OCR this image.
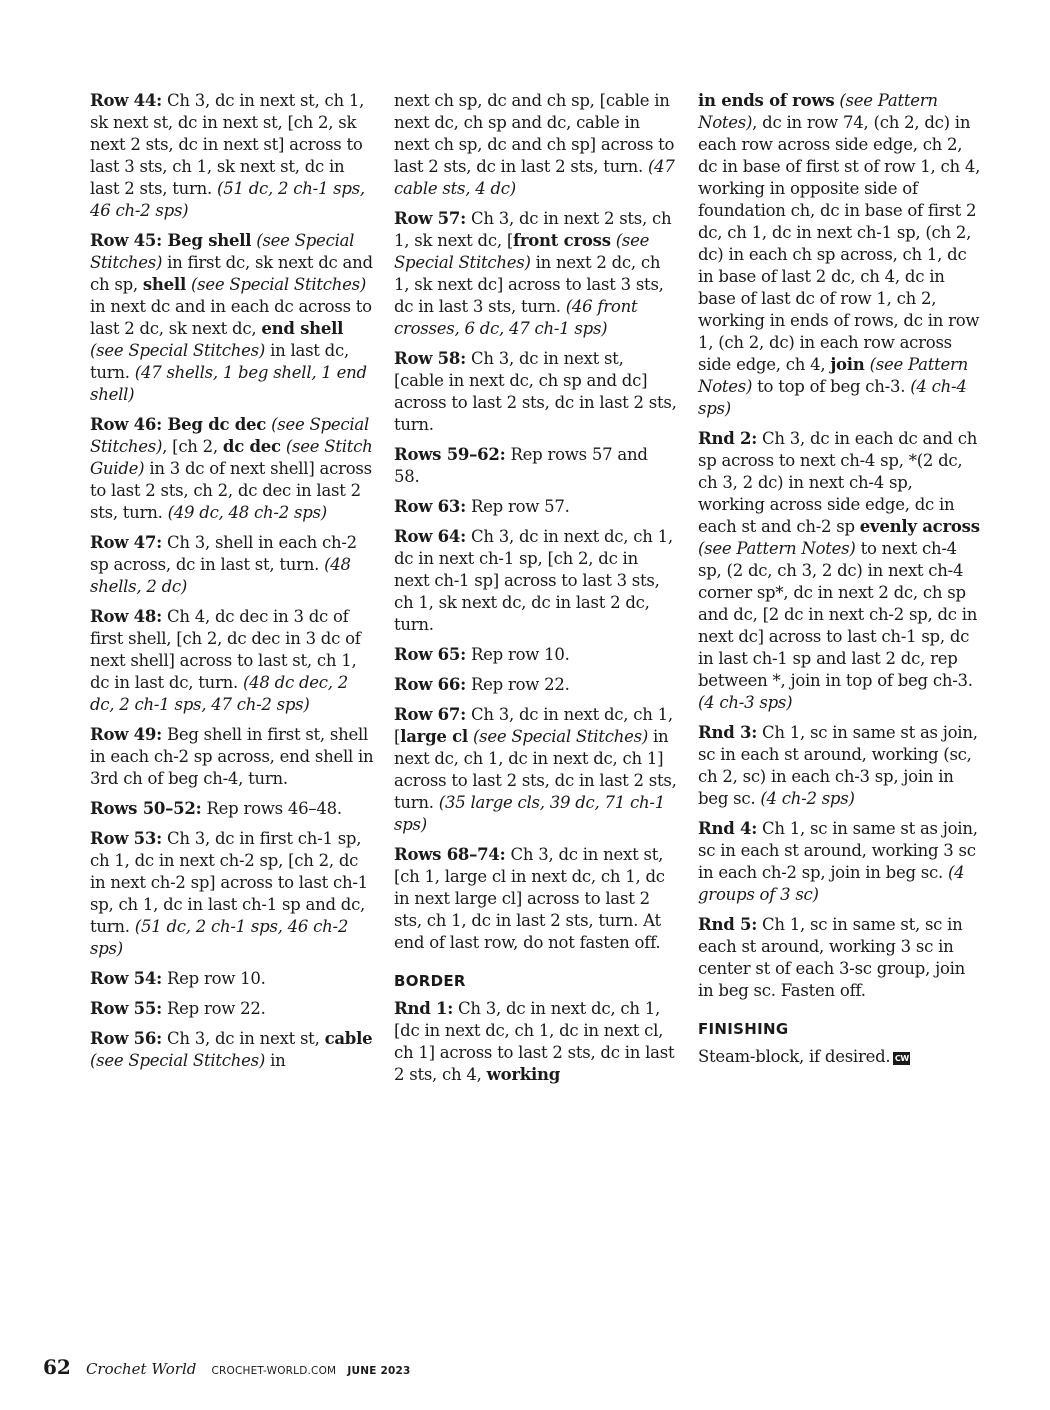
Row 44: Ch 3, dc in next st, ch 1, sk next st, dc in next st, [ch 2, sk next 2 sts, dc in next st] across to last 3 sts, ch 1, sk next st, dc in last 2 sts, turn. (51 dc, 2 ch-1 sps, 46 ch-2 sps)

Row 45: Beg shell (see Special Stitches) in first dc, sk next dc and ch sp, shell (see Special Stitches) in next dc and in each dc across to last 2 dc, sk next dc, end shell (see Special Stitches) in last dc, turn. (47 shells, 1 beg shell, 1 end shell)

Row 46: Beg dc dec (see Special Stitches), [ch 2, dc dec (see Stitch Guide) in 3 dc of next shell] across to last 2 sts, ch 2, dc dec in last 2 sts, turn. (49 dc, 48 ch-2 sps)

Row 47: Ch 3, shell in each ch-2 sp across, dc in last st, turn. (48 shells, 2 dc)

Row 48: Ch 4, dc dec in 3 dc of first shell, [ch 2, dc dec in 3 dc of next shell] across to last st, ch 1, dc in last dc, turn. (48 dc dec, 2 dc, 2 ch-1 sps, 47 ch-2 sps)

Row 49: Beg shell in first st, shell in each ch-2 sp across, end shell in 3rd ch of beg ch-4, turn.

Rows 50–52: Rep rows 46–48.

Row 53: Ch 3, dc in first ch-1 sp, ch 1, dc in next ch-2 sp, [ch 2, dc in next ch-2 sp] across to last ch-1 sp, ch 1, dc in last ch-1 sp and dc, turn. (51 dc, 2 ch-1 sps, 46 ch-2 sps)

Row 54: Rep row 10.

Row 55: Rep row 22.

Row 56: Ch 3, dc in next st, cable (see Special Stitches) in

next ch sp, dc and ch sp, [cable in next dc, ch sp and dc, cable in next ch sp, dc and ch sp] across to last 2 sts, dc in last 2 sts, turn. (47 cable sts, 4 dc)

Row 57: Ch 3, dc in next 2 sts, ch 1, sk next dc, [front cross (see Special Stitches) in next 2 dc, ch 1, sk next dc] across to last 3 sts, dc in last 3 sts, turn. (46 front crosses, 6 dc, 47 ch-1 sps)

Row 58: Ch 3, dc in next st, [cable in next dc, ch sp and dc] across to last 2 sts, dc in last 2 sts, turn.

Rows 59–62: Rep rows 57 and 58.

Row 63: Rep row 57.

Row 64: Ch 3, dc in next dc, ch 1, dc in next ch-1 sp, [ch 2, dc in next ch-1 sp] across to last 3 sts, ch 1, sk next dc, dc in last 2 dc, turn.

Row 65: Rep row 10.

Row 66: Rep row 22.

Row 67: Ch 3, dc in next dc, ch 1, [large cl (see Special Stitches) in next dc, ch 1, dc in next dc, ch 1] across to last 2 sts, dc in last 2 sts, turn. (35 large cls, 39 dc, 71 ch-1 sps)

Rows 68–74: Ch 3, dc in next st, [ch 1, large cl in next dc, ch 1, dc in next large cl] across to last 2 sts, ch 1, dc in last 2 sts, turn. At end of last row, do not fasten off.

BORDER

Rnd 1: Ch 3, dc in next dc, ch 1, [dc in next dc, ch 1, dc in next cl, ch 1] across to last 2 sts, dc in last 2 sts, ch 4, working

in ends of rows (see Pattern Notes), dc in row 74, (ch 2, dc) in each row across side edge, ch 2, dc in base of first st of row 1, ch 4, working in opposite side of foundation ch, dc in base of first 2 dc, ch 1, dc in next ch-1 sp, (ch 2, dc) in each ch sp across, ch 1, dc in base of last 2 dc, ch 4, dc in base of last dc of row 1, ch 2, working in ends of rows, dc in row 1, (ch 2, dc) in each row across side edge, ch 4, join (see Pattern Notes) to top of beg ch-3. (4 ch-4 sps)

Rnd 2: Ch 3, dc in each dc and ch sp across to next ch-4 sp, *(2 dc, ch 3, 2 dc) in next ch-4 sp, working across side edge, dc in each st and ch-2 sp evenly across (see Pattern Notes) to next ch-4 sp, (2 dc, ch 3, 2 dc) in next ch-4 corner sp*, dc in next 2 dc, ch sp and dc, [2 dc in next ch-2 sp, dc in next dc] across to last ch-1 sp, dc in last ch-1 sp and last 2 dc, rep between *, join in top of beg ch-3. (4 ch-3 sps)

Rnd 3: Ch 1, sc in same st as join, sc in each st around, working (sc, ch 2, sc) in each ch-3 sp, join in beg sc. (4 ch-2 sps)

Rnd 4: Ch 1, sc in same st as join, sc in each st around, working 3 sc in each ch-2 sp, join in beg sc. (4 groups of 3 sc)

Rnd 5: Ch 1, sc in same st, sc in each st around, working 3 sc in center st of each 3-sc group, join in beg sc. Fasten off.

FINISHING

Steam-block, if desired. CW

62 Crochet World CROCHET-WORLD.COM JUNE 2023
